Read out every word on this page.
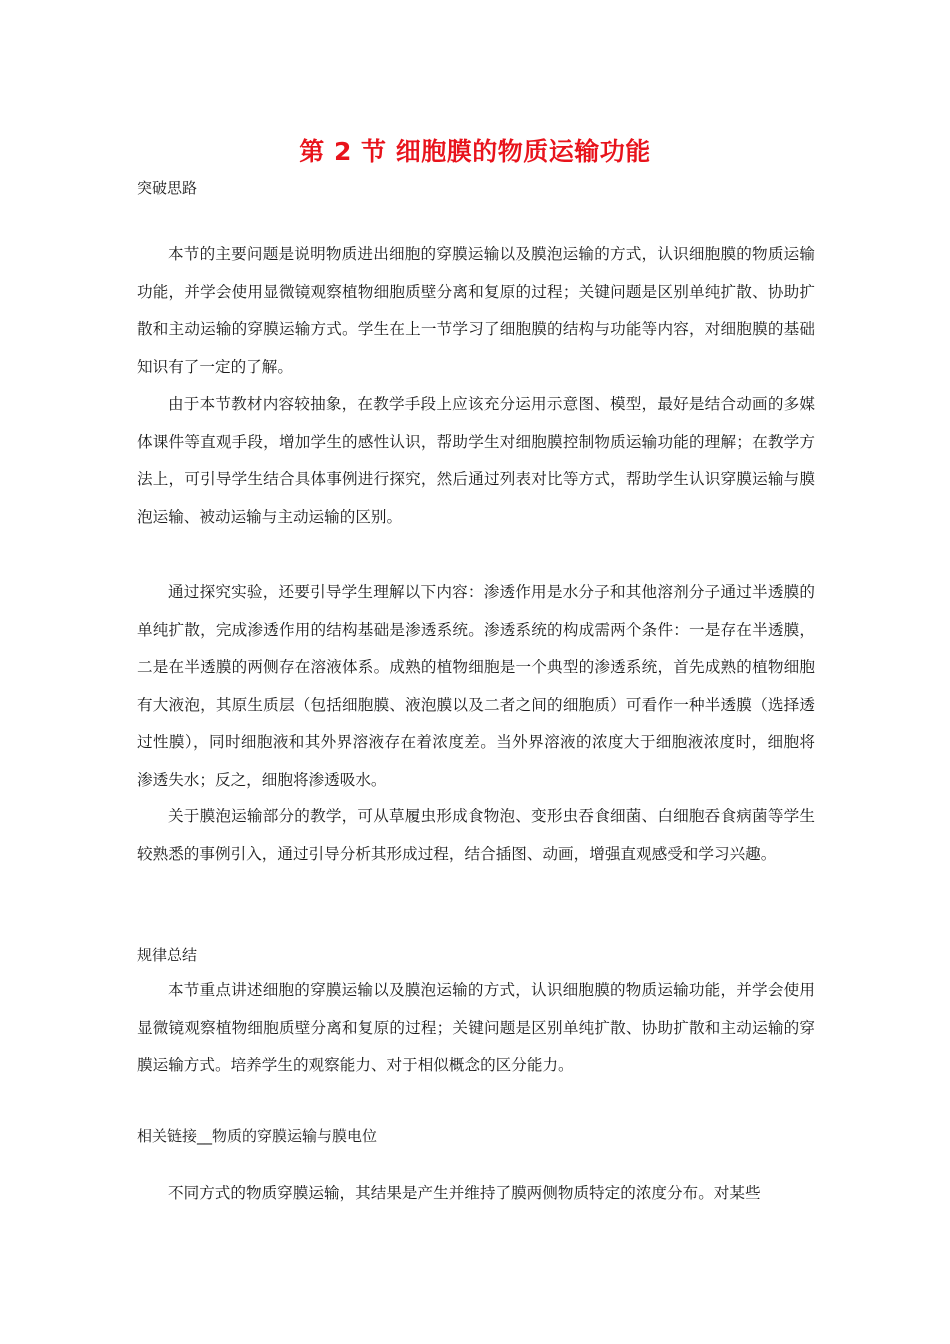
第 2 节 细胞膜的物质运输功能
突破思路
本节的主要问题是说明物质进出细胞的穿膜运输以及膜泡运输的方式，认识细胞膜的物质运输功能，并学会使用显微镜观察植物细胞质壁分离和复原的过程；关键问题是区别单纯扩散、协助扩散和主动运输的穿膜运输方式。学生在上一节学习了细胞膜的结构与功能等内容，对细胞膜的基础知识有了一定的了解。
由于本节教材内容较抽象，在教学手段上应该充分运用示意图、模型，最好是结合动画的多媒体课件等直观手段，增加学生的感性认识，帮助学生对细胞膜控制物质运输功能的理解；在教学方法上，可引导学生结合具体事例进行探究，然后通过列表对比等方式，帮助学生认识穿膜运输与膜泡运输、被动运输与主动运输的区别。
通过探究实验，还要引导学生理解以下内容：渗透作用是水分子和其他溶剂分子通过半透膜的单纯扩散，完成渗透作用的结构基础是渗透系统。渗透系统的构成需两个条件：一是存在半透膜，二是在半透膜的两侧存在溶液体系。成熟的植物细胞是一个典型的渗透系统，首先成熟的植物细胞有大液泡，其原生质层（包括细胞膜、液泡膜以及二者之间的细胞质）可看作一种半透膜（选择透过性膜），同时细胞液和其外界溶液存在着浓度差。当外界溶液的浓度大于细胞液浓度时，细胞将渗透失水；反之，细胞将渗透吸水。
关于膜泡运输部分的教学，可从草履虫形成食物泡、变形虫吞食细菌、白细胞吞食病菌等学生较熟悉的事例引入，通过引导分析其形成过程，结合插图、动画，增强直观感受和学习兴趣。
规律总结
本节重点讲述细胞的穿膜运输以及膜泡运输的方式，认识细胞膜的物质运输功能，并学会使用显微镜观察植物细胞质壁分离和复原的过程；关键问题是区别单纯扩散、协助扩散和主动运输的穿膜运输方式。培养学生的观察能力、对于相似概念的区分能力。
相关链接__物质的穿膜运输与膜电位
不同方式的物质穿膜运输，其结果是产生并维持了膜两侧物质特定的浓度分布。对某些
